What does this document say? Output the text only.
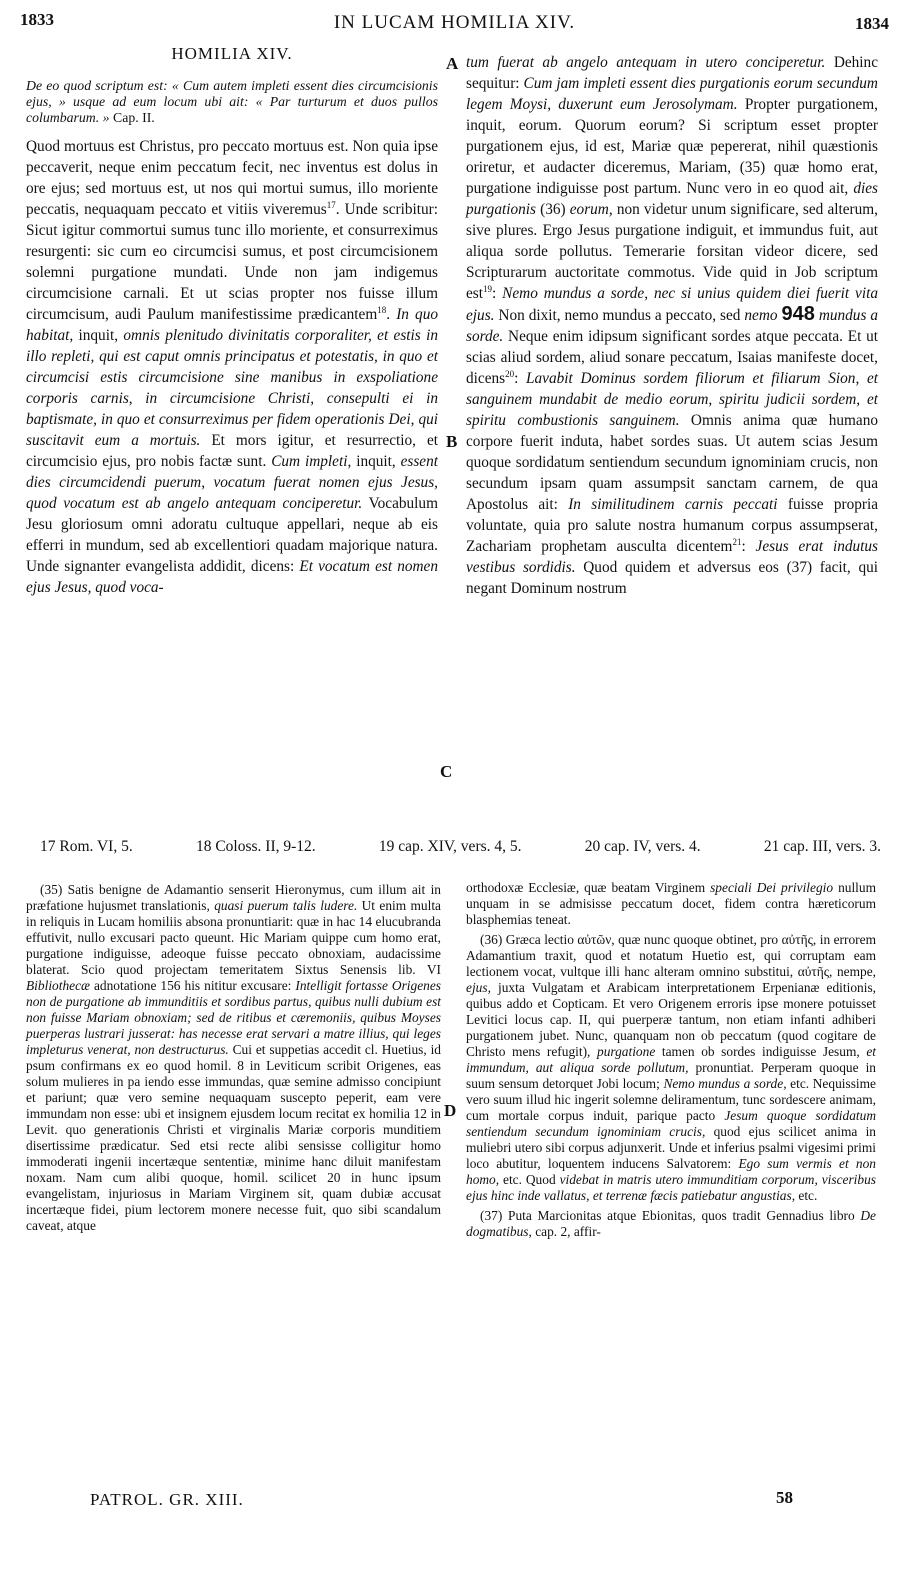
1833	IN LUCAM HOMILIA XIV.	1834
HOMILIA XIV.

De eo quod scriptum est: « Cum autem impleti essent dies circumcisionis ejus, » usque ad eum locum ubi ait: « Par turturum et duos pullos columbarum. » Cap. II.

Quod mortuus est Christus, pro peccato mortuus est. Non quia ipse peccaverit, neque enim peccatum fecit, nec inventus est dolus in ore ejus; sed mortuus est, ut nos qui mortui sumus, illo moriente peccatis, nequaquam peccato et vitiis viveremus$^{17}$. Unde scribitur: Sicut igitur commortui sumus tunc illo moriente, et consurreximus resurgenti: sic cum eo circumcisi sumus, et post circumcisionem solemni purgatione mundati. Unde non jam indigemus circumcisione carnali. Et ut scias propter nos fuisse illum circumcisum, audi Paulum manifestissime prædicantem$^{18}$. In quo habitat, inquit, omnis plenitudo divinitatis corporaliter, et estis in illo repleti, qui est caput omnis principatus et potestatis, in quo et circumcisi estis circumcisione sine manibus in exspoliatione corporis carnis, in circumcisione Christi, consepulti ei in baptismate, in quo et consurreximus per fidem operationis Dei, qui suscitavit eum a mortuis. Et mors igitur, et resurrectio, et circumcisio ejus, pro nobis factæ sunt. Cum impleti, inquit, essent dies circumcidendi puerum, vocatum fuerat nomen ejus Jesus, quod vocatum est ab angelo antequam conciperetur. Vocabulum Jesu gloriosum omni adoratu cultuque appellari, neque ab eis efferri in mundum, sed ab excellentiori quadam majorique natura. Unde signanter evangelista addidit, dicens: Et vocatum est nomen ejus Jesus, quod voca-

A
B
C
D

tum fuerat ab angelo antequam in utero conciperetur. Dehinc sequitur: Cum jam impleti essent dies purgationis eorum secundum legem Moysi, duxerunt eum Jerosolymam. Propter purgationem, inquit, eorum. Quorum eorum? Si scriptum esset propter purgationem ejus, id est, Mariæ quæ pepererat, nihil quæstionis oriretur, et audacter diceremus, Mariam, (35) quæ homo erat, purgatione indiguisse post partum. Nunc vero in eo quod ait, dies purgationis (36) eorum, non videtur unum significare, sed alterum, sive plures. Ergo Jesus purgatione indiguit, et immundus fuit, aut aliqua sorde pollutus. Temerarie forsitan videor dicere, sed Scripturarum auctoritate commotus. Vide quid in Job scriptum est$^{19}$: Nemo mundus a sorde, nec si unius quidem diei fuerit vita ejus. Non dixit, nemo mundus a peccato, sed nemo 948 mundus a sorde. Neque enim idipsum significant sordes atque peccata. Et ut scias aliud sordem, aliud sonare peccatum, Isaias manifeste docet, dicens$^{20}$: Lavabit Dominus sordem filiorum et filiarum Sion, et sanguinem mundabit de medio eorum, spiritu judicii sordem, et spiritu combustionis sanguinem. Omnis anima quæ humano corpore fuerit induta, habet sordes suas. Ut autem scias Jesum quoque sordidatum sentiendum secundum ignominiam crucis, non secundum ipsam quam assumpsit sanctam carnem, de qua Apostolus ait: In similitudinem carnis peccati fuisse propria voluntate, quia pro salute nostra humanum corpus assumpserat, Zachariam prophetam ausculta dicentem$^{21}$: Jesus erat indutus vestibus sordidis. Quod quidem et adversus eos (37) facit, qui negant Dominum nostrum

17 Rom. VI, 5.	18 Coloss. II, 9-12.	19 cap. XIV, vers. 4, 5.	20 cap. IV, vers. 4.	21 cap. III, vers. 3.

(35) Satis benigne de Adamantio senserit Hieronymus, cum illum ait in præfatione hujusmet translationis, quasi puerum talis ludere. Ut enim multa in reliquis in Lucam homiliis absona pronuntiarit: quæ in hac 14 elucubranda effutivit, nullo excusari pacto queunt. Hic Mariam quippe cum homo erat, purgatione indiguisse, adeoque fuisse peccato obnoxiam, audacissime blaterat. Scio quod projectam temeritatem Sixtus Senensis lib. VI Bibliothecæ adnotatione 156 his nititur excusare: Intelligit fortasse Origenes non de purgatione ab immunditiis et sordibus partus, quibus nulli dubium est non fuisse Mariam obnoxiam; sed de ritibus et cæremoniis, quibus Moyses puerperas lustrari jusserat: has necesse erat servari a matre illius, qui leges impleturus venerat, non destructurus. Cui et suppetias accedit cl. Huetius, id psum confirmans ex eo quod homil. 8 in Leviticum scribit Origenes, eas solum mulieres in pa iendo esse immundas, quæ semine admisso concipiunt et pariunt; quæ vero semine nequaquam suscepto peperit, eam vere immundam non esse: ubi et insignem ejusdem locum recitat ex homilia 12 in Levit. quo generationis Christi et virginalis Mariæ corporis munditiem disertissime prædicatur. Sed etsi recte alibi sensisse colligitur homo immoderati ingenii incertæque sententiæ, minime hanc diluit manifestam noxam. Nam cum alibi quoque, homil. scilicet 20 in hunc ipsum evangelistam, injuriosus in Mariam Virginem sit, quam dubiæ accusat incertæque fidei, pium lectorem monere necesse fuit, quo sibi scandalum caveat, atque

orthodoxæ Ecclesiæ, quæ beatam Virginem speciali Dei privilegio nullum unquam in se admisisse peccatum docet, fidem contra hæreticorum blasphemias teneat.

(36) Græca lectio αὐτῶν, quæ nunc quoque obtinet, pro αὐτῆς, in errorem Adamantium traxit, quod et notatum Huetio est, qui corruptam eam lectionem vocat, vultque illi hanc alteram omnino substitui, αὐτῆς, nempe, ejus, juxta Vulgatam et Arabicam interpretationem Erpenianæ editionis, quibus addo et Copticam. Et vero Origenem erroris ipse monere potuisset Levitici locus cap. II, qui puerperæ tantum, non etiam infanti adhiberi purgationem jubet. Nunc, quanquam non ob peccatum (quod cogitare de Christo mens refugit), purgatione tamen ob sordes indiguisse Jesum, et immundum, aut aliqua sorde pollutum, pronuntiat. Perperam quoque in suum sensum detorquet Jobi locum; Nemo mundus a sorde, etc. Nequissime vero suum illud hic ingerit solemne deliramentum, tunc sordescere animam, cum mortale corpus induit, parique pacto Jesum quoque sordidatum sentiendum secundum ignominiam crucis, quod ejus scilicet anima in muliebri utero sibi corpus adjunxerit. Unde et inferius psalmi vigesimi primi loco abutitur, loquentem inducens Salvatorem: Ego sum vermis et non homo, etc. Quod videbat in matris utero immunditiam corporum, visceribus ejus hinc inde vallatus, et terrenæ fæcis patiebatur angustias, etc.

(37) Puta Marcionitas atque Ebionitas, quos tradit Gennadius libro De dogmatibus, cap. 2, affir-

PATROL. GR. XIII.	58
